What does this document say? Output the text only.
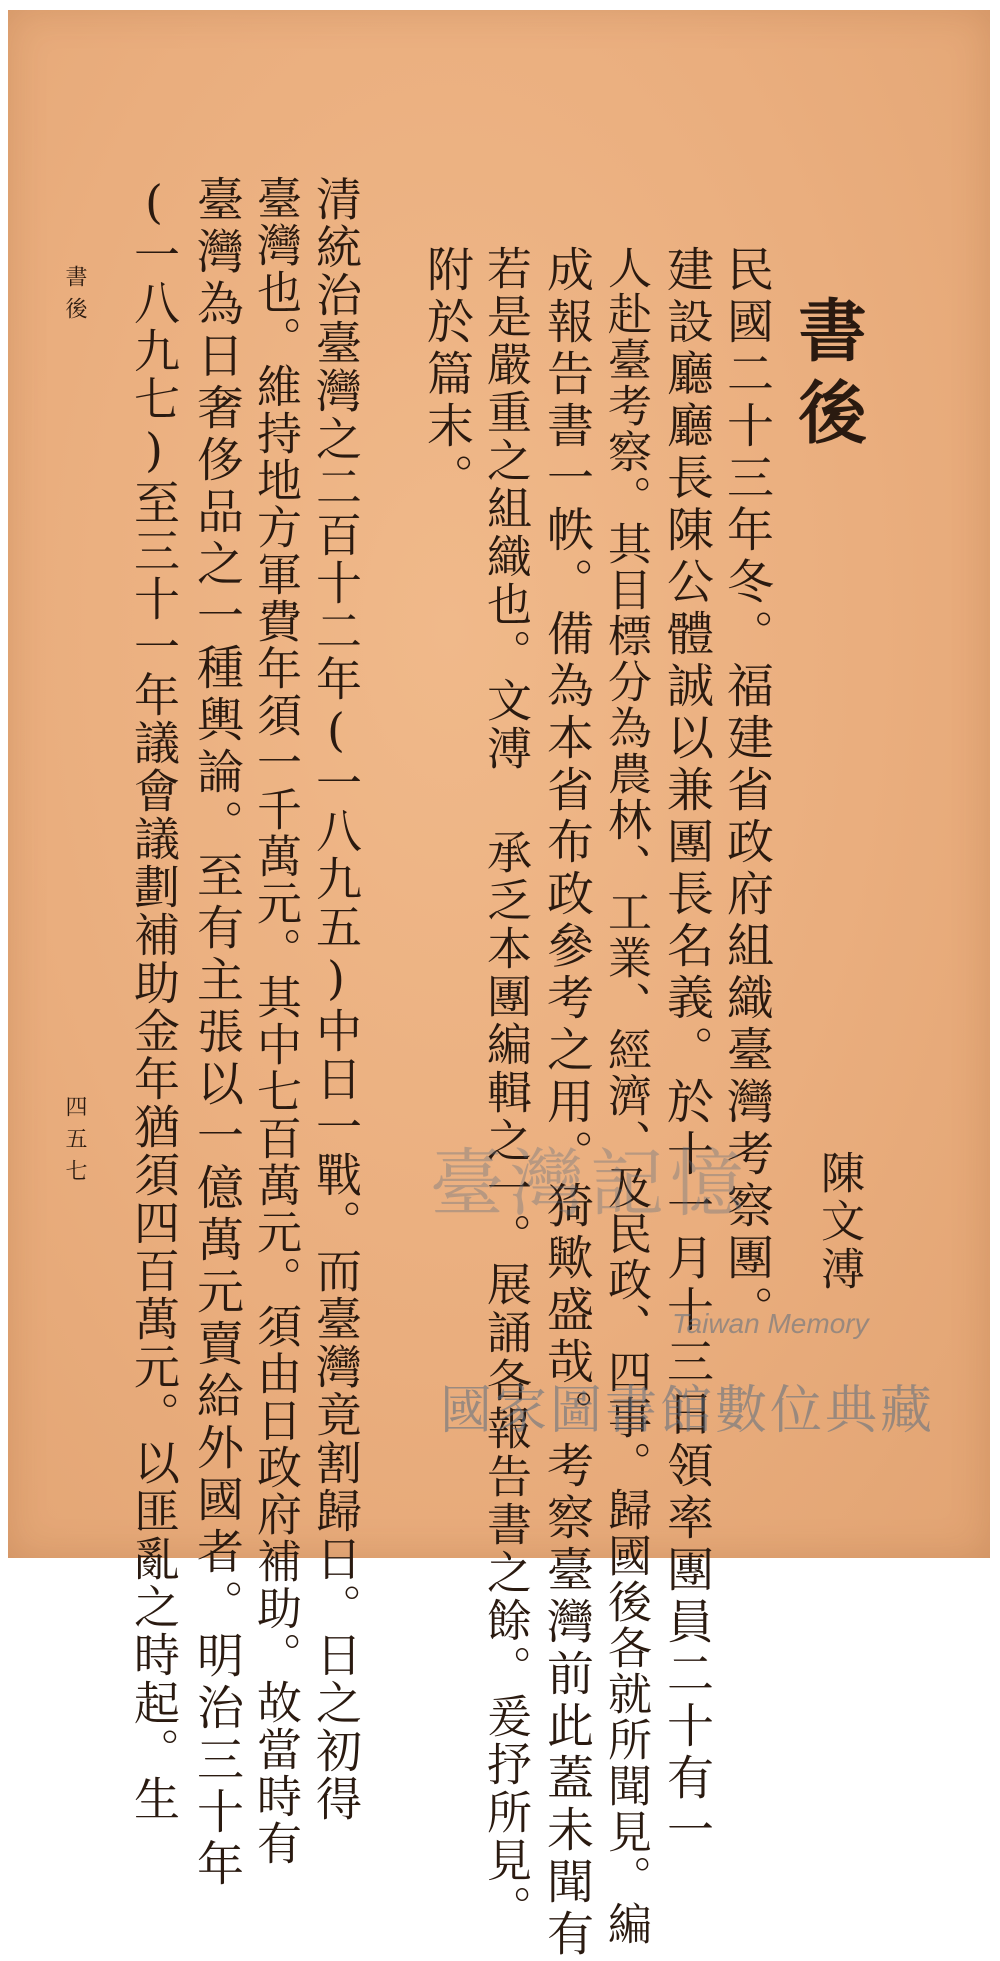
書後
陳文溥
民國二十三年冬。福建省政府組織臺灣考察團。
建設廳廳長陳公體誠以兼團長名義。於十一月十三日領率團員二十有一
人赴臺考察。其目標分為農林、工業、經濟、及民政、四事。歸國後各就所聞見。編
成報告書一帙。備為本省布政參考之用。猗歟盛哉。考察臺灣前此蓋未聞有
若是嚴重之組織也。文溥 承乏本團編輯之一。展誦各報告書之餘。爰抒所見。
附於篇末。
清統治臺灣之二百十二年(一八九五)中日一戰。而臺灣竟割歸日。日之初得
臺灣也。維持地方軍費年須一千萬元。其中七百萬元。須由日政府補助。故當時有
臺灣為日奢侈品之一種輿論。至有主張以一億萬元賣給外國者。明治三十年
(一八九七)至三十一年議會議劃補助金年猶須四百萬元。以匪亂之時起。生
書後
四五七	臺灣記憶
Taiwan Memory
國家圖書館數位典藏
